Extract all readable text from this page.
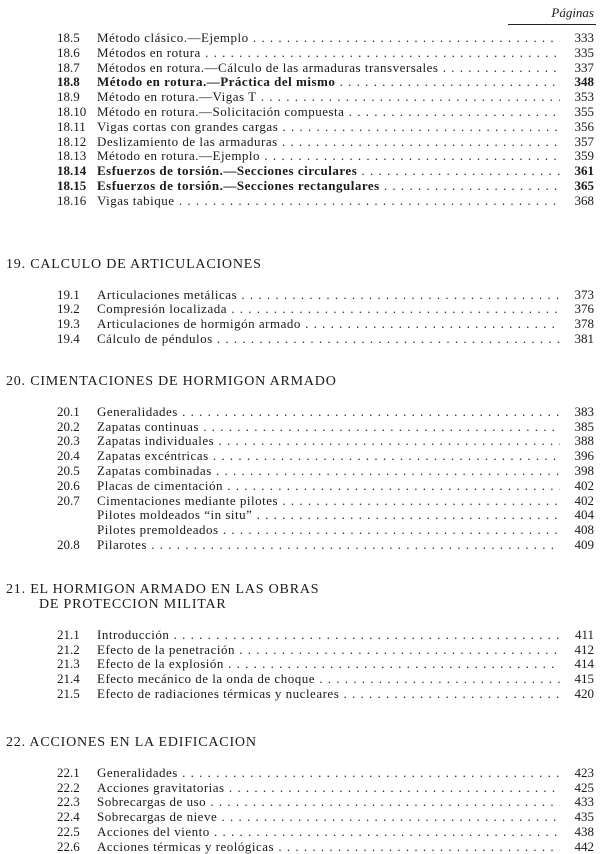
Páginas
18.5	Método clásico.—Ejemplo . . .	333
18.6	Métodos en rotura . . .	335
18.7	Métodos en rotura.—Cálculo de las armaduras transversales . . .	337
18.8	Método en rotura.—Práctica del mismo . . .	348
18.9	Método en rotura.—Vigas T . . .	353
18.10 Método en rotura.—Solicitación compuesta . . .	355
18.11 Vigas cortas con grandes cargas . . .	356
18.12 Deslizamiento de las armaduras . . .	357
18.13 Método en rotura.—Ejemplo . . .	359
18.14 Esfuerzos de torsión.—Secciones circulares . . .	361
18.15 Esfuerzos de torsión.—Secciones rectangulares . . .	365
18.16 Vigas tabique . . .	368
19. CALCULO DE ARTICULACIONES
19.1	Articulaciones metálicas . . .	373
19.2	Compresión localizada . . .	376
19.3	Articulaciones de hormigón armado . . .	378
19.4	Cálculo de péndulos . . .	381
20. CIMENTACIONES DE HORMIGON ARMADO
20.1	Generalidades . . .	383
20.2	Zapatas continuas . . .	385
20.3	Zapatas individuales . . .	388
20.4	Zapatas excéntricas . . .	396
20.5	Zapatas combinadas . . .	398
20.6	Placas de cimentación . . .	402
20.7	Cimentaciones mediante pilotes . . .	402
Pilotes moldeados “in situ” . . .	404
Pilotes premoldeados . . .	408
20.8	Pilarotes . . .	409
21. EL HORMIGON ARMADO EN LAS OBRAS
DE PROTECCION MILITAR
21.1	Introducción . . .	411
21.2	Efecto de la penetración . . .	412
21.3	Efecto de la explosión . . .	414
21.4	Efecto mecánico de la onda de choque . . .	415
21.5	Efecto de radiaciones térmicas y nucleares . . .	420
22. ACCIONES EN LA EDIFICACION
22.1	Generalidades . . .	423
22.2	Acciones gravitatorias . . .	425
22.3	Sobrecargas de uso . . .	433
22.4	Sobrecargas de nieve . . .	435
22.5	Acciones del viento . . .	438
22.6	Acciones térmicas y reológicas . . .	442
